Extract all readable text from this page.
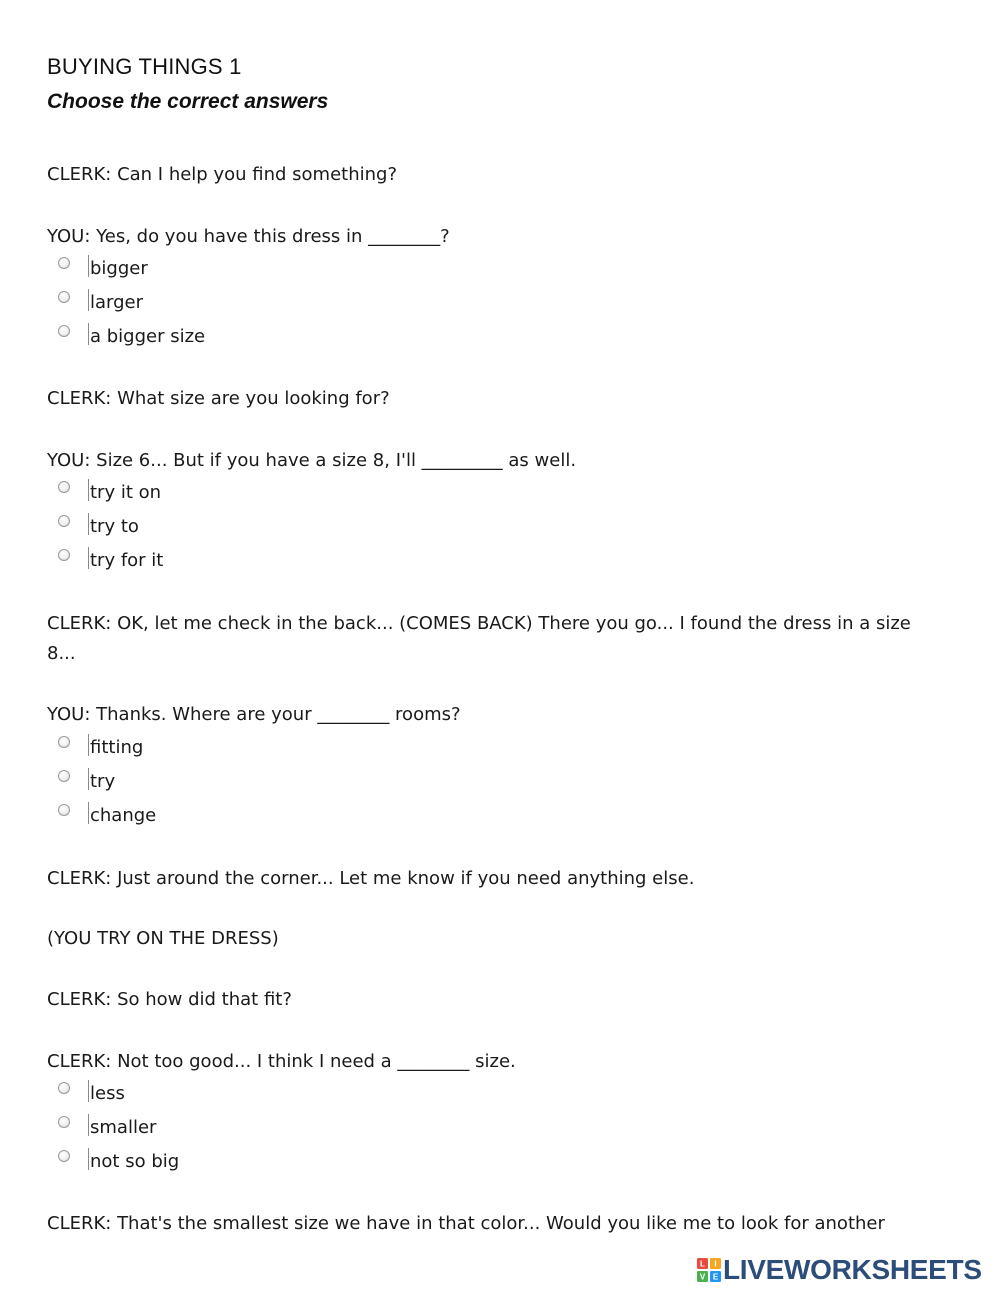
BUYING THINGS 1
Choose the correct answers
CLERK: Can I help you find something?
YOU: Yes, do you have this dress in ________?
bigger
larger
a bigger size
CLERK: What size are you looking for?
YOU: Size 6... But if you have a size 8, I'll _________ as well.
try it on
try to
try for it
CLERK: OK, let me check in the back... (COMES BACK) There you go... I found the dress in a size 8...
YOU: Thanks. Where are your ________ rooms?
fitting
try
change
CLERK: Just around the corner... Let me know if you need anything else.
(YOU TRY ON THE DRESS)
CLERK: So how did that fit?
CLERK: Not too good... I think I need a ________ size.
less
smaller
not so big
CLERK: That's the smallest size we have in that color... Would you like me to look for another
L I
V E LIVEWORKSHEETS
